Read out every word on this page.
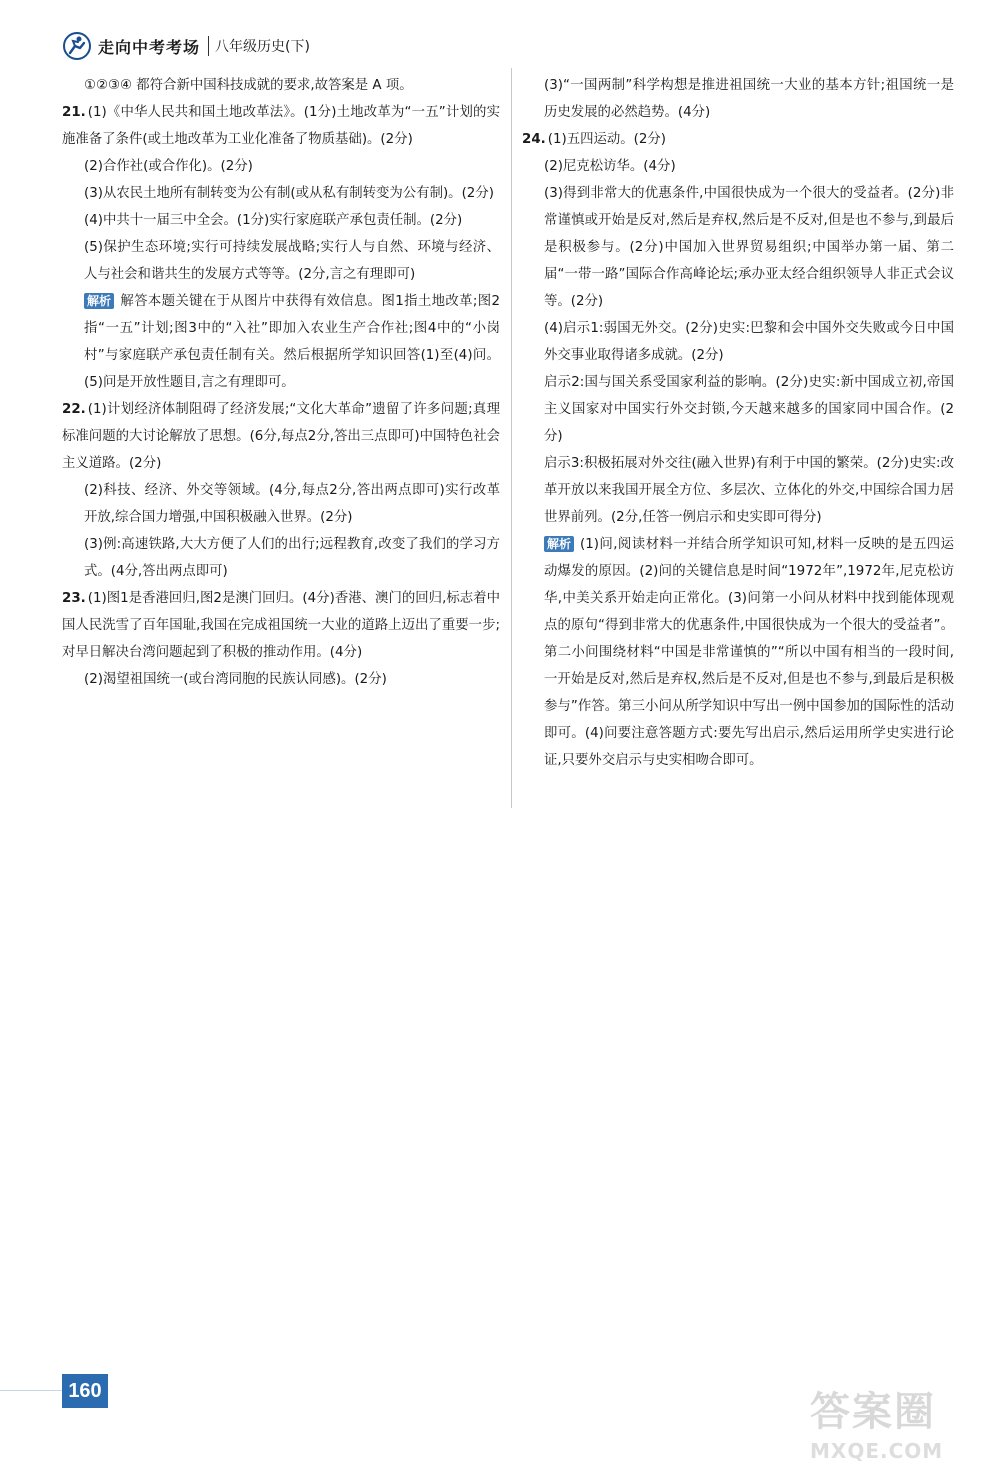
走向中考考场	八年级历史(下)

①②③④ 都符合新中国科技成就的要求,故答案是 A 项。

21. (1)《中华人民共和国土地改革法》。(1分)土地改革为“一五”计划的实施准备了条件(或土地改革为工业化准备了物质基础)。(2分)

(2)合作社(或合作化)。(2分)

(3)从农民土地所有制转变为公有制(或从私有制转变为公有制)。(2分)

(4)中共十一届三中全会。(1分)实行家庭联产承包责任制。(2分)

(5)保护生态环境;实行可持续发展战略;实行人与自然、环境与经济、人与社会和谐共生的发展方式等等。(2分,言之有理即可)

解析 解答本题关键在于从图片中获得有效信息。图1指土地改革;图2指“一五”计划;图3中的“入社”即加入农业生产合作社;图4中的“小岗村”与家庭联产承包责任制有关。然后根据所学知识回答(1)至(4)问。(5)问是开放性题目,言之有理即可。

22. (1)计划经济体制阻碍了经济发展;“文化大革命”遗留了许多问题;真理标准问题的大讨论解放了思想。(6分,每点2分,答出三点即可)中国特色社会主义道路。(2分)

(2)科技、经济、外交等领域。(4分,每点2分,答出两点即可)实行改革开放,综合国力增强,中国积极融入世界。(2分)

(3)例:高速铁路,大大方便了人们的出行;远程教育,改变了我们的学习方式。(4分,答出两点即可)

23. (1)图1是香港回归,图2是澳门回归。(4分)香港、澳门的回归,标志着中国人民洗雪了百年国耻,我国在完成祖国统一大业的道路上迈出了重要一步;对早日解决台湾问题起到了积极的推动作用。(4分)

(2)渴望祖国统一(或台湾同胞的民族认同感)。(2分)

(3)“一国两制”科学构想是推进祖国统一大业的基本方针;祖国统一是历史发展的必然趋势。(4分)

24. (1)五四运动。(2分)

(2)尼克松访华。(4分)

(3)得到非常大的优惠条件,中国很快成为一个很大的受益者。(2分)非常谨慎或开始是反对,然后是弃权,然后是不反对,但是也不参与,到最后是积极参与。(2分)中国加入世界贸易组织;中国举办第一届、第二届“一带一路”国际合作高峰论坛;承办亚太经合组织领导人非正式会议等。(2分)

(4)启示1:弱国无外交。(2分)史实:巴黎和会中国外交失败或今日中国外交事业取得诸多成就。(2分)

启示2:国与国关系受国家利益的影响。(2分)史实:新中国成立初,帝国主义国家对中国实行外交封锁,今天越来越多的国家同中国合作。(2分)

启示3:积极拓展对外交往(融入世界)有利于中国的繁荣。(2分)史实:改革开放以来我国开展全方位、多层次、立体化的外交,中国综合国力居世界前列。(2分,任答一例启示和史实即可得分)

解析 (1)问,阅读材料一并结合所学知识可知,材料一反映的是五四运动爆发的原因。(2)问的关键信息是时间“1972年”,1972年,尼克松访华,中美关系开始走向正常化。(3)问第一小问从材料中找到能体现观点的原句“得到非常大的优惠条件,中国很快成为一个很大的受益者”。第二小问围绕材料“中国是非常谨慎的”“所以中国有相当的一段时间,一开始是反对,然后是弃权,然后是不反对,但是也不参与,到最后是积极参与”作答。第三小问从所学知识中写出一例中国参加的国际性的活动即可。(4)问要注意答题方式:要先写出启示,然后运用所学史实进行论证,只要外交启示与史实相吻合即可。

160	答案圈
MXQE.COM
